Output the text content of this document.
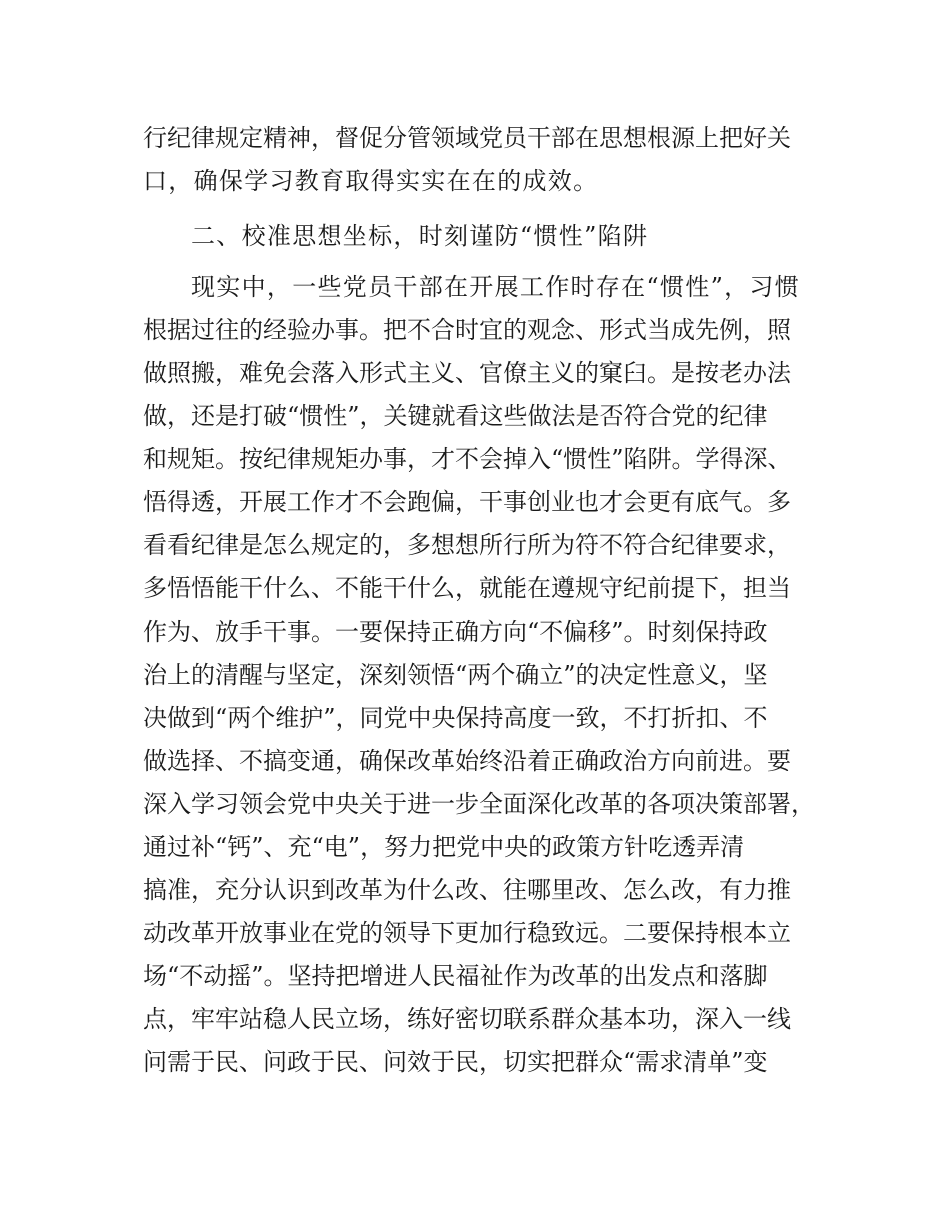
行纪律规定精神，督促分管领域党员干部在思想根源上把好关
口，确保学习教育取得实实在在的成效。
二、校准思想坐标，时刻谨防“惯性”陷阱
现实中，一些党员干部在开展工作时存在“惯性”，习惯
根据过往的经验办事。把不合时宜的观念、形式当成先例，照
做照搬，难免会落入形式主义、官僚主义的窠臼。是按老办法
做，还是打破“惯性”，关键就看这些做法是否符合党的纪律
和规矩。按纪律规矩办事，才不会掉入“惯性”陷阱。学得深、
悟得透，开展工作才不会跑偏，干事创业也才会更有底气。多
看看纪律是怎么规定的，多想想所行所为符不符合纪律要求，
多悟悟能干什么、不能干什么，就能在遵规守纪前提下，担当
作为、放手干事。一要保持正确方向“不偏移”。时刻保持政
治上的清醒与坚定，深刻领悟“两个确立”的决定性意义，坚
决做到“两个维护”，同党中央保持高度一致，不打折扣、不
做选择、不搞变通，确保改革始终沿着正确政治方向前进。要
深入学习领会党中央关于进一步全面深化改革的各项决策部署，
通过补“钙”、充“电”，努力把党中央的政策方针吃透弄清
搞准，充分认识到改革为什么改、往哪里改、怎么改，有力推
动改革开放事业在党的领导下更加行稳致远。二要保持根本立
场“不动摇”。坚持把增进人民福祉作为改革的出发点和落脚
点，牢牢站稳人民立场，练好密切联系群众基本功，深入一线
问需于民、问政于民、问效于民，切实把群众“需求清单”变
